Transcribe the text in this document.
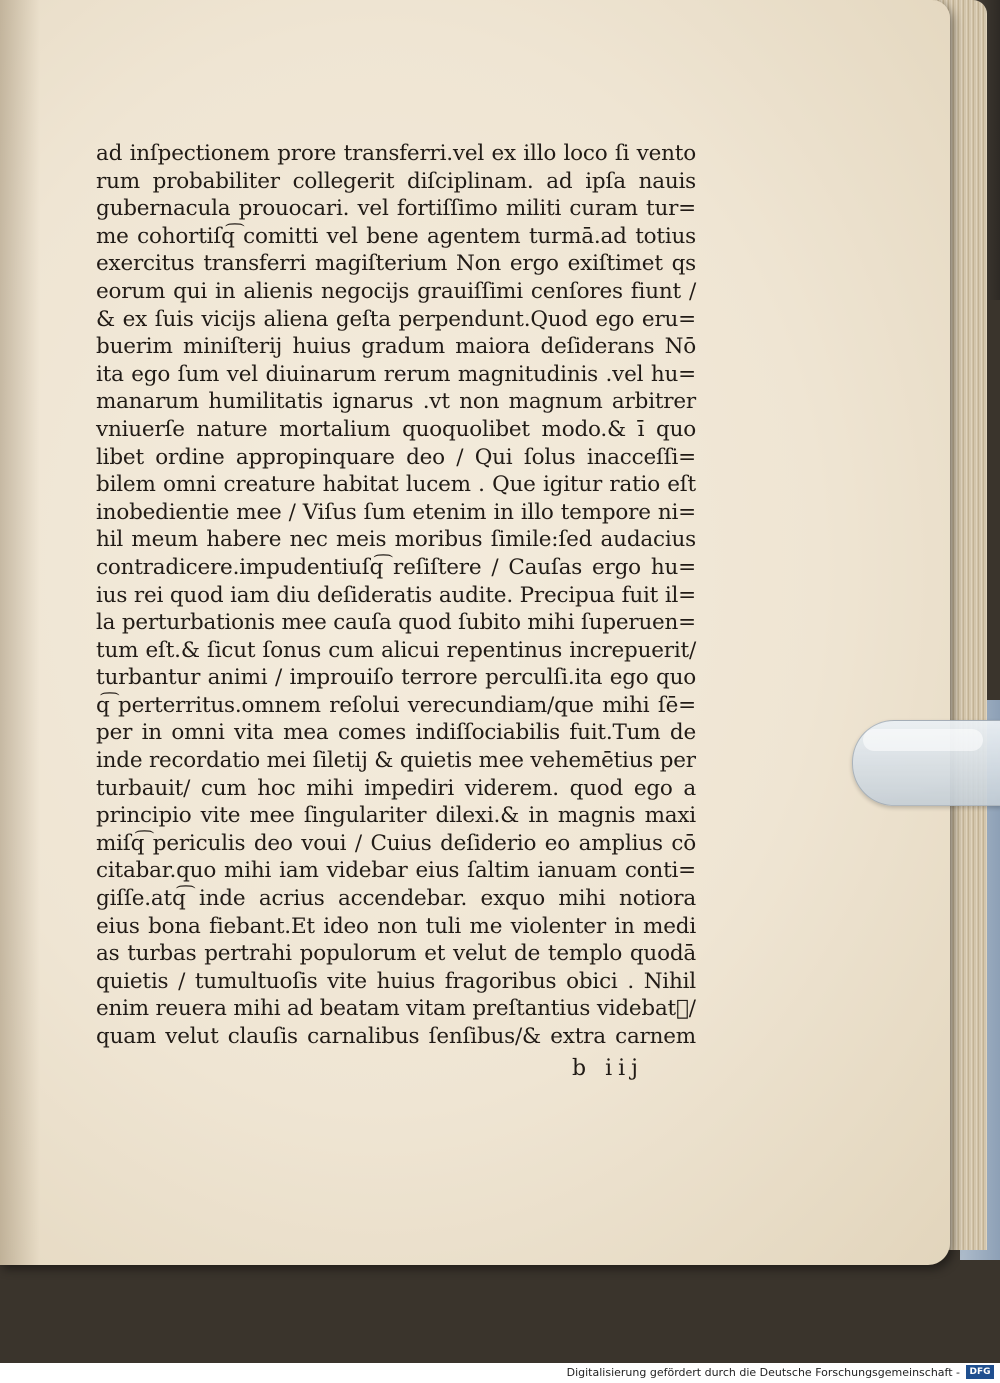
ad inſpectionem prore transferri.vel ex illo loco ſi vento
rum probabiliter collegerit diſciplinam. ad ipſa nauis
gubernacula prouocari. vel fortiſſimo militi curam tur=
me cohortiſq͡ comitti vel bene agentem turmā.ad totius
exercitus transferri magiſterium Non ergo exiſtimet qs
eorum qui in alienis negocijs grauiſſimi cenſores fiunt /
& ex ſuis vicijs aliena geſta perpendunt.Quod ego eru=
buerim miniſterij huius gradum maiora deſiderans Nō
ita ego ſum vel diuinarum rerum magnitudinis .vel hu=
manarum humilitatis ignarus .vt non magnum arbitrer
vniuerſe nature mortalium quoquolibet modo.& ī quo
libet ordine appropinquare deo / Qui ſolus inacceſſi=
bilem omni creature habitat lucem . Que igitur ratio eſt
inobedientie mee / Viſus ſum etenim in illo tempore ni=
hil meum habere nec meis moribus ſimile:ſed audacius
contradicere.impudentiuſq͡ reſiſtere / Cauſas ergo hu=
ius rei quod iam diu deſideratis audite. Precipua fuit il=
la perturbationis mee cauſa quod ſubito mihi ſuperuen=
tum eſt.& ſicut ſonus cum alicui repentinus increpuerit/
turbantur animi / improuiſo terrore perculſi.ita ego quo
q͡ perterritus.omnem reſolui verecundiam/que mihi ſē=
per in omni vita mea comes indiſſociabilis fuit.Tum de
inde recordatio mei ſiletij & quietis mee vehemētius per
turbauit/ cum hoc mihi impediri viderem. quod ego a
principio vite mee ſingulariter dilexi.& in magnis maxi
miſq͡ periculis deo voui / Cuius deſiderio eo amplius cō
citabar.quo mihi iam videbar eius ſaltim ianuam conti=
giſſe.atq͡ inde acrius accendebar. exquo mihi notiora
eius bona fiebant.Et ideo non tuli me violenter in medi
as turbas pertrahi populorum et velut de templo quodā
quietis / tumultuoſis vite huius fragoribus obici . Nihil
enim reuera mihi ad beatam vitam preſtantius videbat᷑/
quam velut clauſis carnalibus ſenſibus/& extra carnem
b iij
Digitalisierung gefördert durch die Deutsche Forschungsgemeinschaft -	DFG
